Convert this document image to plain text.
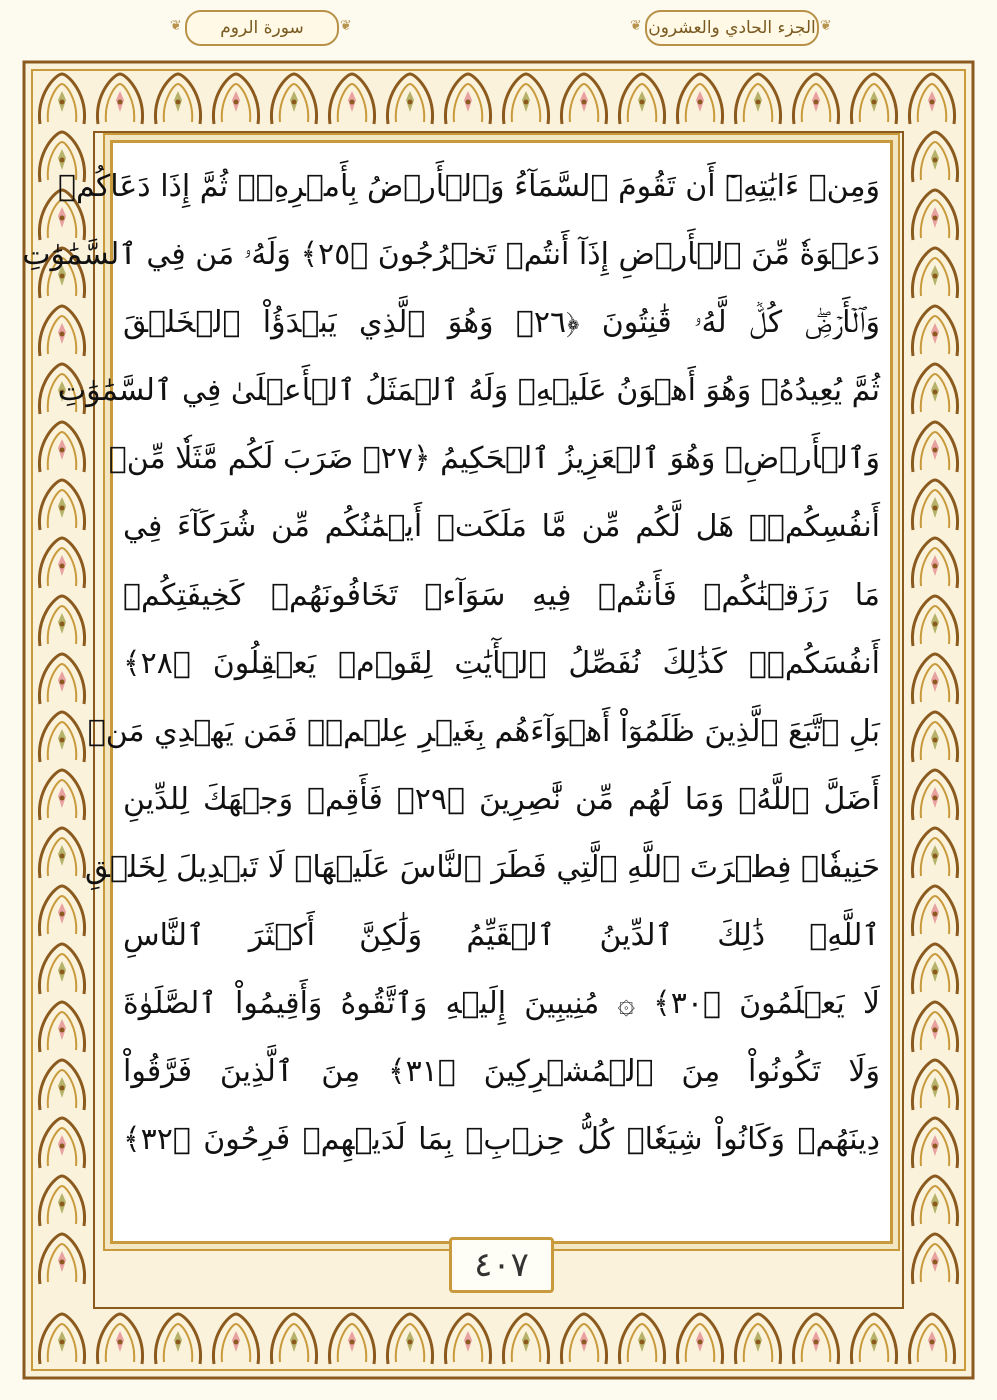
الجزء الحادي والعشرون
سورة الروم
❦	❦	❦	❦
وَمِنۡ ءَايَٰتِهِۦٓ أَن تَقُومَ ٱلسَّمَآءُ وَٱلۡأَرۡضُ بِأَمۡرِهِۦۚ ثُمَّ إِذَا دَعَاكُمۡ
دَعۡوَةٗ مِّنَ ٱلۡأَرۡضِ إِذَآ أَنتُمۡ تَخۡرُجُونَ ﴿٢٥﴾ وَلَهُۥ مَن فِي ٱلسَّمَٰوَٰتِ
وَٱلۡأَرۡضِۖ كُلّٞ لَّهُۥ قَٰنِتُونَ ﴿٢٦﴾ وَهُوَ ٱلَّذِي يَبۡدَؤُاْ ٱلۡخَلۡقَ
ثُمَّ يُعِيدُهُۥ وَهُوَ أَهۡوَنُ عَلَيۡهِۚ وَلَهُ ٱلۡمَثَلُ ٱلۡأَعۡلَىٰ فِي ٱلسَّمَٰوَٰتِ
وَٱلۡأَرۡضِۚ وَهُوَ ٱلۡعَزِيزُ ٱلۡحَكِيمُ ﴿٢٧﴾ ضَرَبَ لَكُم مَّثَلٗا مِّنۡ
أَنفُسِكُمۡۖ هَل لَّكُم مِّن مَّا مَلَكَتۡ أَيۡمَٰنُكُم مِّن شُرَكَآءَ فِي
مَا رَزَقۡنَٰكُمۡ فَأَنتُمۡ فِيهِ سَوَآءٞ تَخَافُونَهُمۡ كَخِيفَتِكُمۡ
أَنفُسَكُمۡۚ كَذَٰلِكَ نُفَصِّلُ ٱلۡأٓيَٰتِ لِقَوۡمٖ يَعۡقِلُونَ ﴿٢٨﴾
بَلِ ٱتَّبَعَ ٱلَّذِينَ ظَلَمُوٓاْ أَهۡوَآءَهُم بِغَيۡرِ عِلۡمٖۖ فَمَن يَهۡدِي مَنۡ
أَضَلَّ ٱللَّهُۖ وَمَا لَهُم مِّن نَّٰصِرِينَ ﴿٢٩﴾ فَأَقِمۡ وَجۡهَكَ لِلدِّينِ
حَنِيفٗاۚ فِطۡرَتَ ٱللَّهِ ٱلَّتِي فَطَرَ ٱلنَّاسَ عَلَيۡهَاۚ لَا تَبۡدِيلَ لِخَلۡقِ
ٱللَّهِۚ ذَٰلِكَ ٱلدِّينُ ٱلۡقَيِّمُ وَلَٰكِنَّ أَكۡثَرَ ٱلنَّاسِ
لَا يَعۡلَمُونَ ﴿٣٠﴾ ۞ مُنِيبِينَ إِلَيۡهِ وَٱتَّقُوهُ وَأَقِيمُواْ ٱلصَّلَوٰةَ
وَلَا تَكُونُواْ مِنَ ٱلۡمُشۡرِكِينَ ﴿٣١﴾ مِنَ ٱلَّذِينَ فَرَّقُواْ
دِينَهُمۡ وَكَانُواْ شِيَعٗاۖ كُلُّ حِزۡبِۭ بِمَا لَدَيۡهِمۡ فَرِحُونَ ﴿٣٢﴾
٤٠٧
